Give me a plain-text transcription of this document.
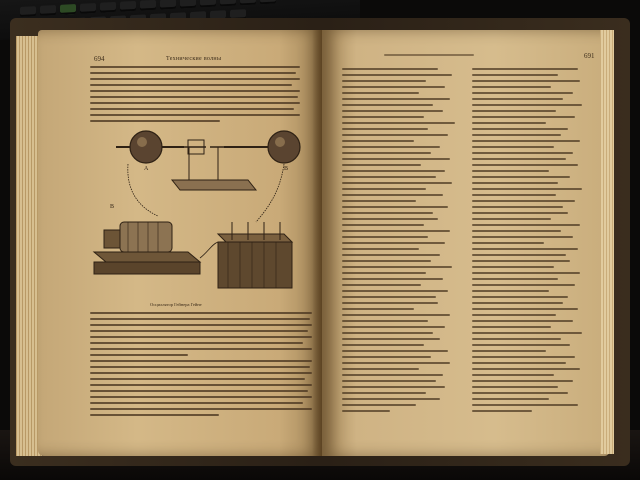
694	Технические волны	691
A	B
В
Осциллятор Гейнера Гейне
